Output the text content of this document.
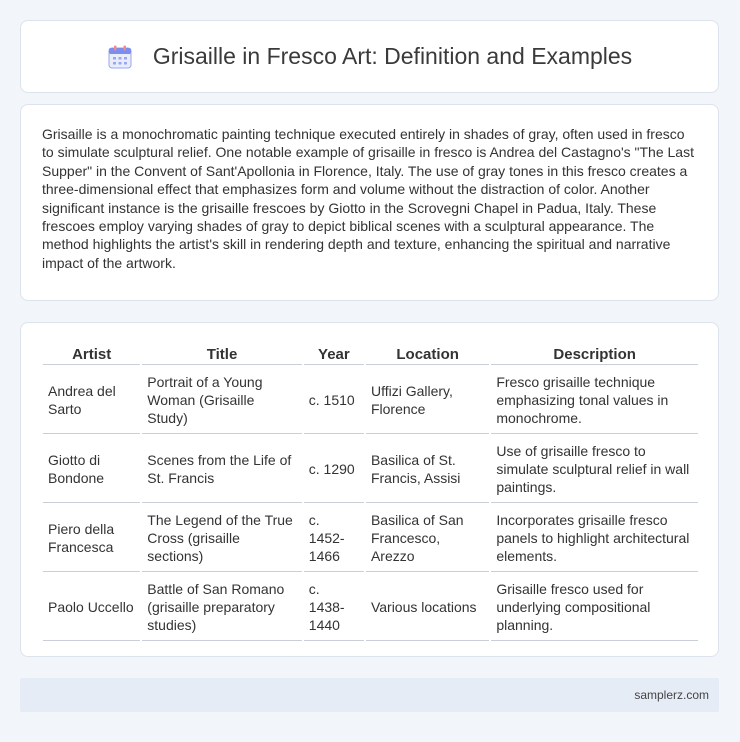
Grisaille in Fresco Art: Definition and Examples

Grisaille is a monochromatic painting technique executed entirely in shades of gray, often used in fresco to simulate sculptural relief. One notable example of grisaille in fresco is Andrea del Castagno's "The Last Supper" in the Convent of Sant'Apollonia in Florence, Italy. The use of gray tones in this fresco creates a three-dimensional effect that emphasizes form and volume without the distraction of color. Another significant instance is the grisaille frescoes by Giotto in the Scrovegni Chapel in Padua, Italy. These frescoes employ varying shades of gray to depict biblical scenes with a sculptural appearance. The method highlights the artist's skill in rendering depth and texture, enhancing the spiritual and narrative impact of the artwork.

Artist	Title	Year	Location	Description
Andrea del Sarto	Portrait of a Young Woman (Grisaille Study)	c. 1510	Uffizi Gallery, Florence	Fresco grisaille technique emphasizing tonal values in monochrome.
Giotto di Bondone	Scenes from the Life of St. Francis	c. 1290	Basilica of St. Francis, Assisi	Use of grisaille fresco to simulate sculptural relief in wall paintings.
Piero della Francesca	The Legend of the True Cross (grisaille sections)	c. 1452-1466	Basilica of San Francesco, Arezzo	Incorporates grisaille fresco panels to highlight architectural elements.
Paolo Uccello	Battle of San Romano (grisaille preparatory studies)	c. 1438-1440	Various locations	Grisaille fresco used for underlying compositional planning.
samplerz.com
